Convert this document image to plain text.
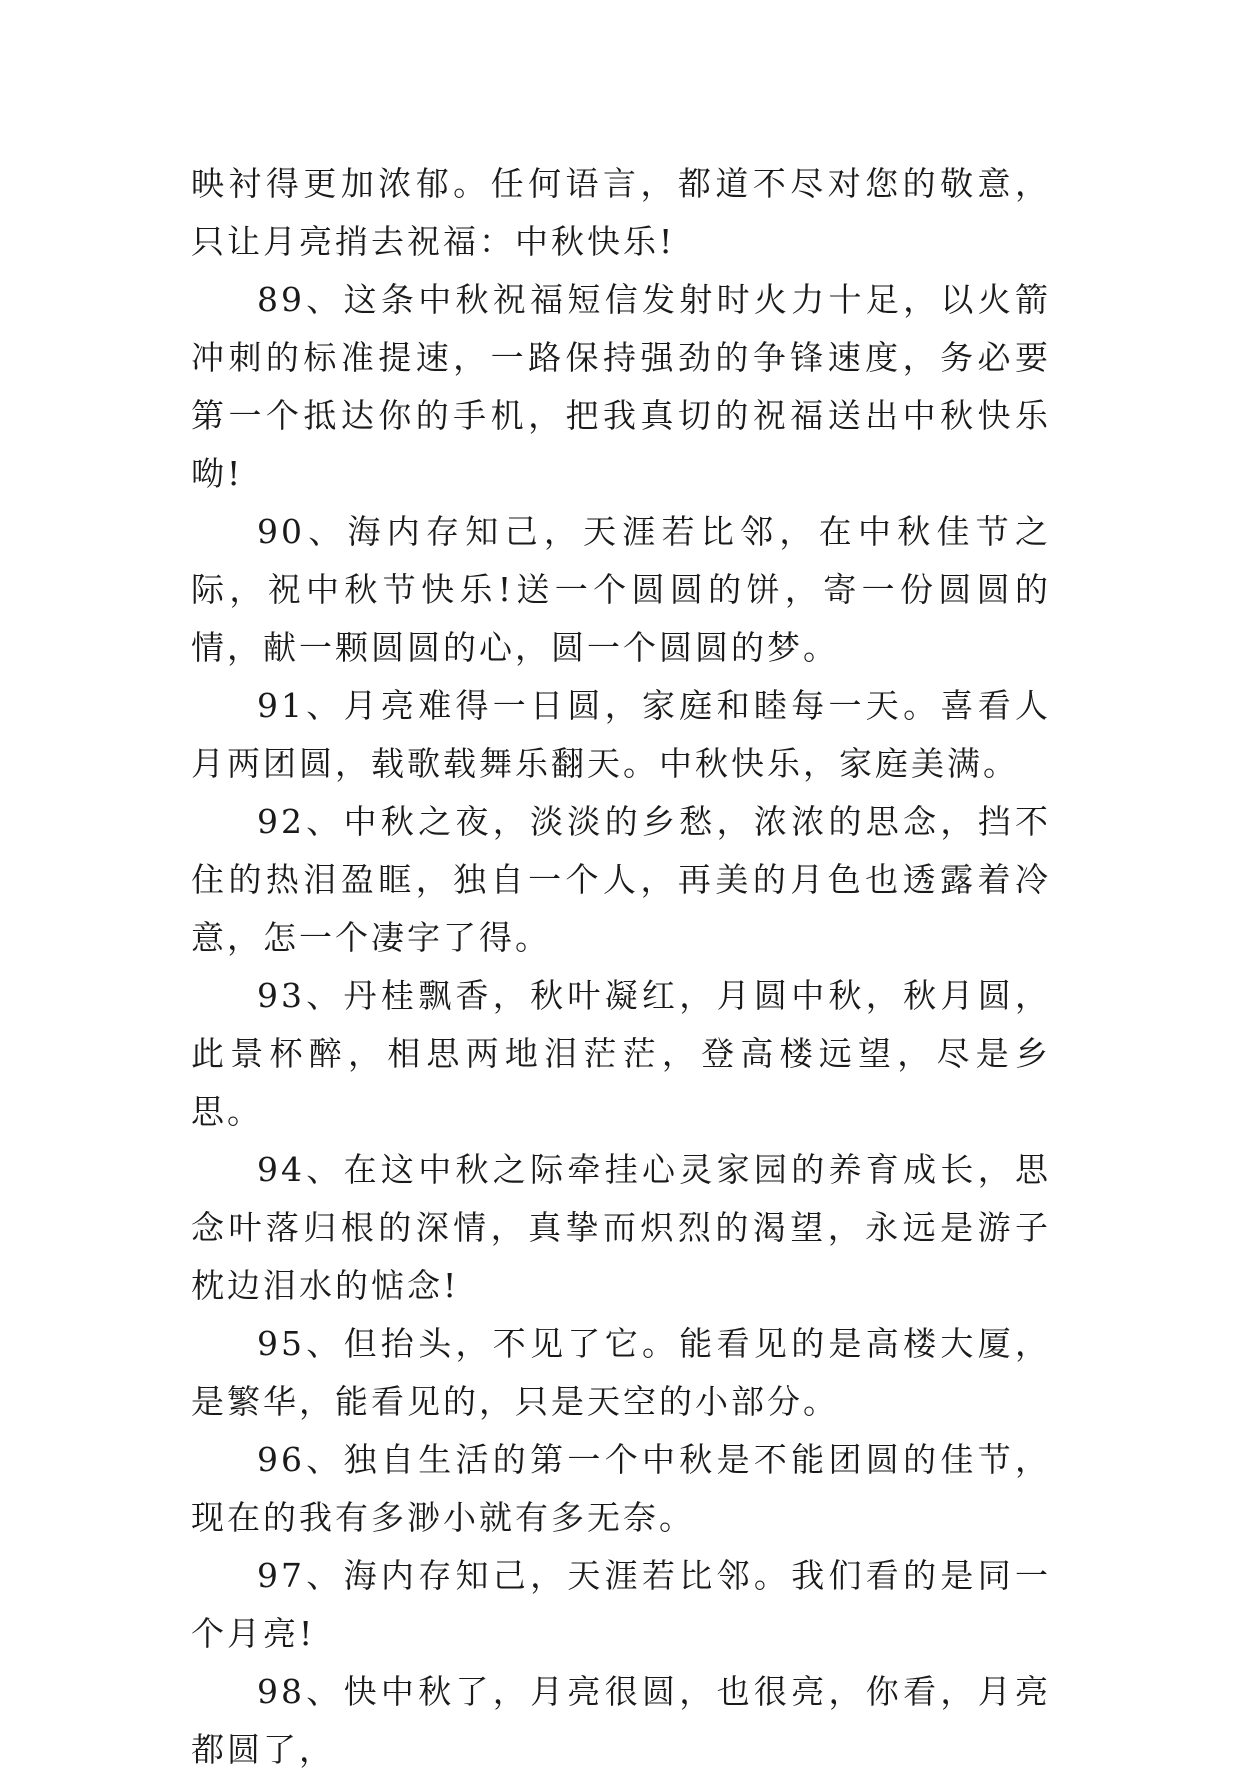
映衬得更加浓郁。任何语言，都道不尽对您的敬意，只让月亮捎去祝福：中秋快乐!

89、这条中秋祝福短信发射时火力十足，以火箭冲刺的标准提速，一路保持强劲的争锋速度，务必要第一个抵达你的手机，把我真切的祝福送出中秋快乐呦!

90、海内存知己，天涯若比邻，在中秋佳节之际，祝中秋节快乐!送一个圆圆的饼，寄一份圆圆的情，献一颗圆圆的心，圆一个圆圆的梦。

91、月亮难得一日圆，家庭和睦每一天。喜看人月两团圆，载歌载舞乐翻天。中秋快乐，家庭美满。

92、中秋之夜，淡淡的乡愁，浓浓的思念，挡不住的热泪盈眶，独自一个人，再美的月色也透露着冷意，怎一个凄字了得。

93、丹桂飘香，秋叶凝红，月圆中秋，秋月圆，此景杯醉，相思两地泪茫茫，登高楼远望，尽是乡思。

94、在这中秋之际牵挂心灵家园的养育成长，思念叶落归根的深情，真挚而炽烈的渴望，永远是游子枕边泪水的惦念!

95、但抬头，不见了它。能看见的是高楼大厦，是繁华，能看见的，只是天空的小部分。

96、独自生活的第一个中秋是不能团圆的佳节，现在的我有多渺小就有多无奈。

97、海内存知己，天涯若比邻。我们看的是同一个月亮!

98、快中秋了，月亮很圆，也很亮，你看，月亮都圆了，
